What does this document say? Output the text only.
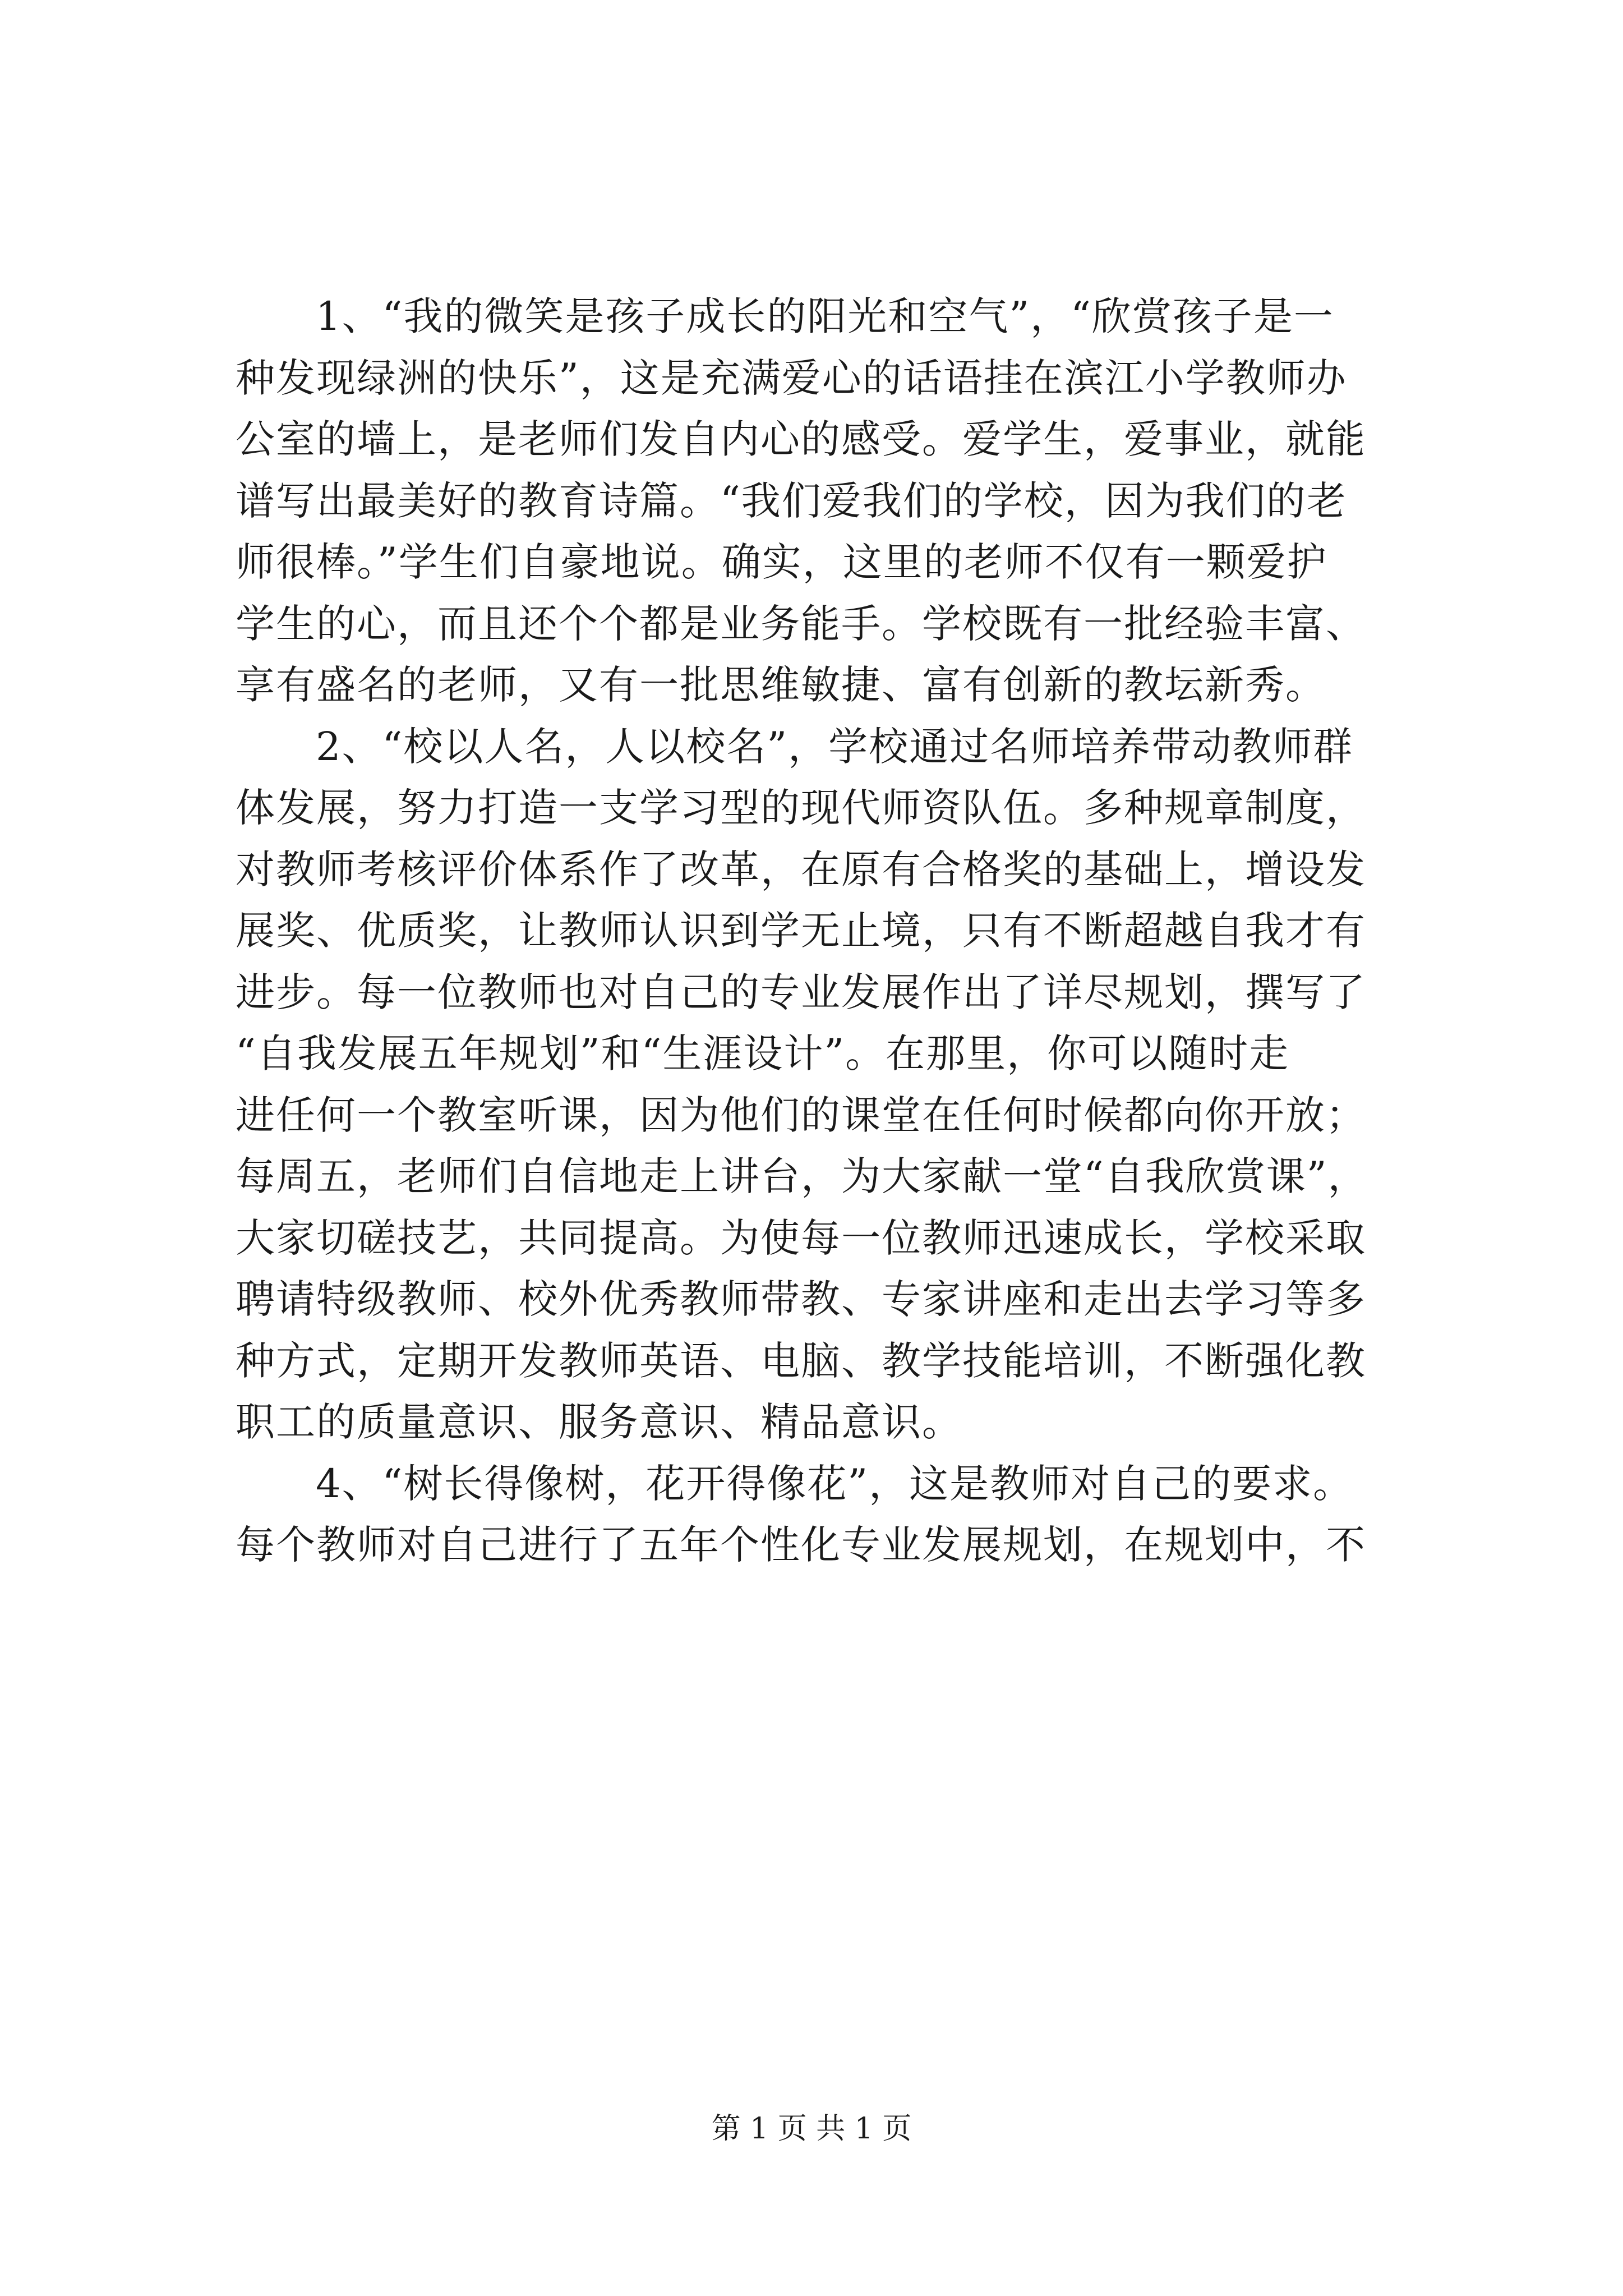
1、“我的微笑是孩子成长的阳光和空气”，“欣赏孩子是一
种发现绿洲的快乐”，这是充满爱心的话语挂在滨江小学教师办
公室的墙上，是老师们发自内心的感受。爱学生，爱事业，就能
谱写出最美好的教育诗篇。“我们爱我们的学校，因为我们的老
师很棒。”学生们自豪地说。确实，这里的老师不仅有一颗爱护
学生的心，而且还个个都是业务能手。学校既有一批经验丰富、
享有盛名的老师，又有一批思维敏捷、富有创新的教坛新秀。
2、“校以人名，人以校名”，学校通过名师培养带动教师群
体发展，努力打造一支学习型的现代师资队伍。多种规章制度，
对教师考核评价体系作了改革，在原有合格奖的基础上，增设发
展奖、优质奖，让教师认识到学无止境，只有不断超越自我才有
进步。每一位教师也对自己的专业发展作出了详尽规划，撰写了
“自我发展五年规划”和“生涯设计”。在那里，你可以随时走
进任何一个教室听课，因为他们的课堂在任何时候都向你开放；
每周五，老师们自信地走上讲台，为大家献一堂“自我欣赏课”，
大家切磋技艺，共同提高。为使每一位教师迅速成长，学校采取
聘请特级教师、校外优秀教师带教、专家讲座和走出去学习等多
种方式，定期开发教师英语、电脑、教学技能培训，不断强化教
职工的质量意识、服务意识、精品意识。
4、“树长得像树，花开得像花”，这是教师对自己的要求。
每个教师对自己进行了五年个性化专业发展规划，在规划中，不
第 1 页 共 1 页
